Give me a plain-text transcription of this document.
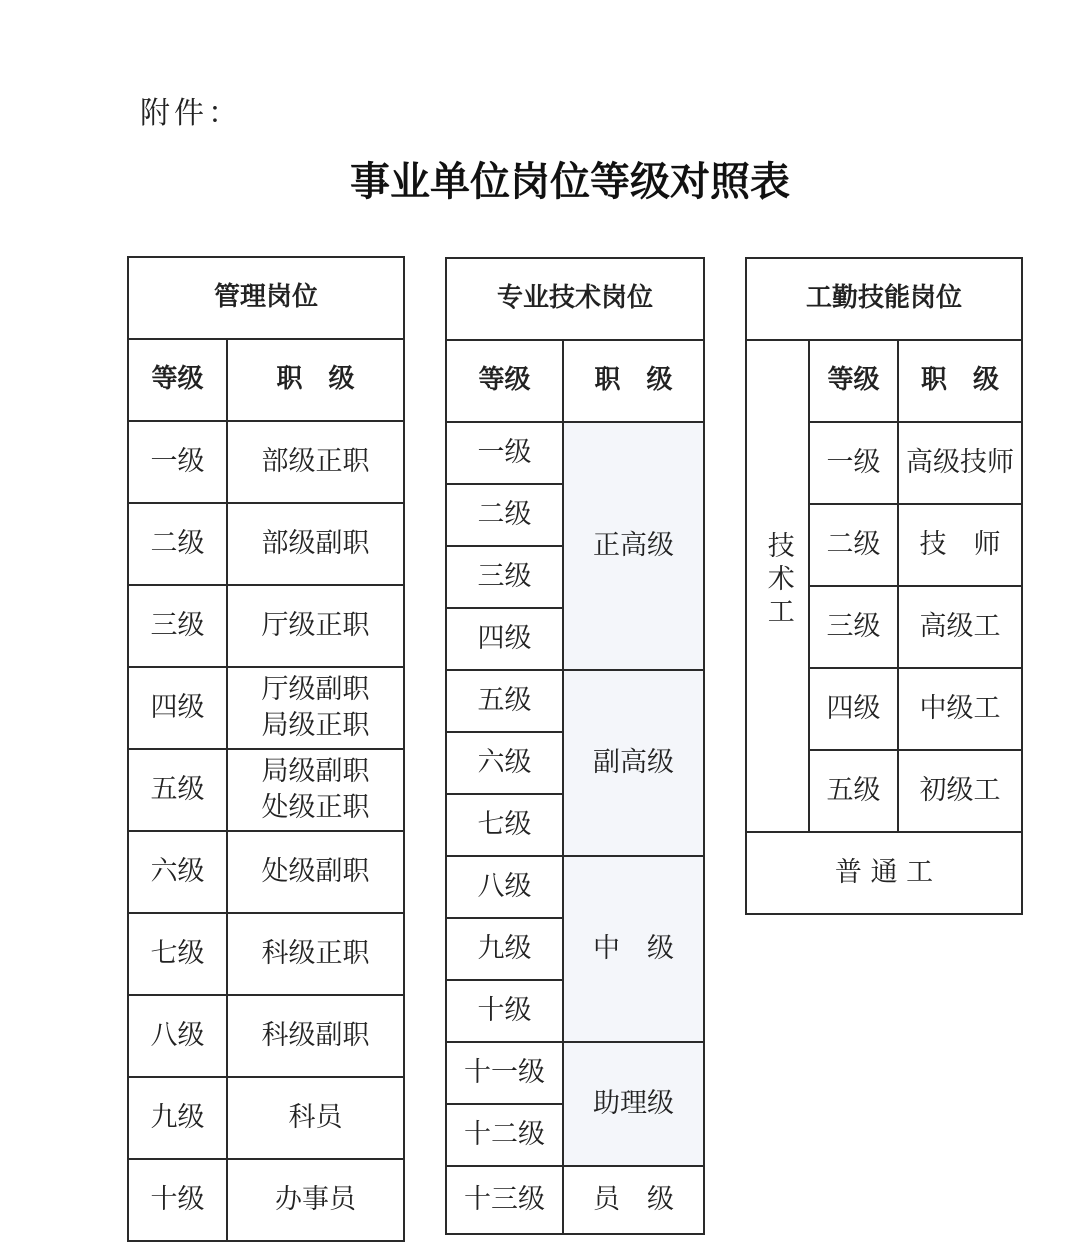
附件：
事业单位岗位等级对照表
管理岗位	
等级	职　级
一级	部级正职
二级	部级副职
三级	厅级正职
四级	厅级副职
局级正职

五级	局级副职
处级正职

六级	处级副职
七级	科级正职
八级	科级副职
九级	科员
十级	办事员
专业技术岗位	
等级	职　级
一级	正高级
二级	
三级	
四级	
五级	副高级
六级	
七级	
八级	中　级
九级	
十级	
十一级	助理级
十二级	
十三级	员　级
工勤技能岗位		
技术工	等级	职　级
	一级	高级技师
	二级	技　师
	三级	高级工
	四级	中级工
	五级	初级工
普 通 工		
